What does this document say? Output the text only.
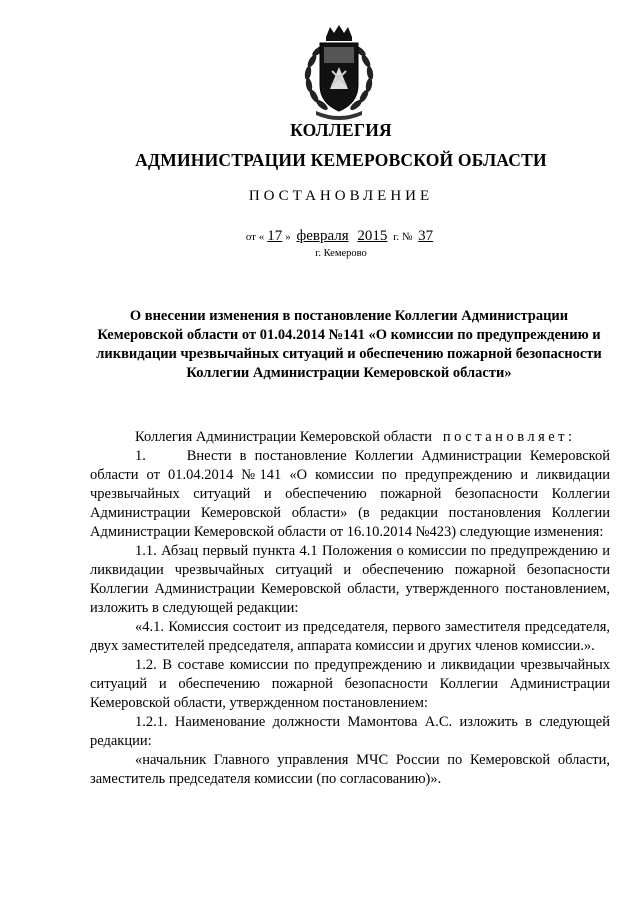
КОЛЛЕГИЯ
АДМИНИСТРАЦИИ КЕМЕРОВСКОЙ ОБЛАСТИ
ПОСТАНОВЛЕНИЕ
от « 17 » февраля 2015 г. № 37
г. Кемерово
О внесении изменения в постановление Коллегии Администрации Кемеровской области от 01.04.2014 №141 «О комиссии по предупреждению и ликвидации чрезвычайных ситуаций и обеспечению пожарной безопасности Коллегии Администрации Кемеровской области»

Коллегия Администрации Кемеровской области постановляет:

1.     Внести в постановление Коллегии Администрации Кемеровской области от 01.04.2014 №141 «О комиссии по предупреждению и ликвидации чрезвычайных ситуаций и обеспечению пожарной безопасности Коллегии Администрации Кемеровской области» (в редакции постановления Коллегии Администрации Кемеровской области от 16.10.2014 №423) следующие изменения:

1.1. Абзац первый пункта 4.1 Положения о комиссии по предупреждению и ликвидации чрезвычайных ситуаций и обеспечению пожарной безопасности Коллегии Администрации Кемеровской области, утвержденного постановлением, изложить в следующей редакции:

«4.1. Комиссия состоит из председателя, первого заместителя председателя, двух заместителей председателя, аппарата комиссии и других членов комиссии.».

1.2. В составе комиссии по предупреждению и ликвидации чрезвычайных ситуаций и обеспечению пожарной безопасности Коллегии Администрации Кемеровской области, утвержденном постановлением:

1.2.1. Наименование должности Мамонтова А.С. изложить в следующей редакции:

«начальник Главного управления МЧС России по Кемеровской области, заместитель председателя комиссии (по согласованию)».
